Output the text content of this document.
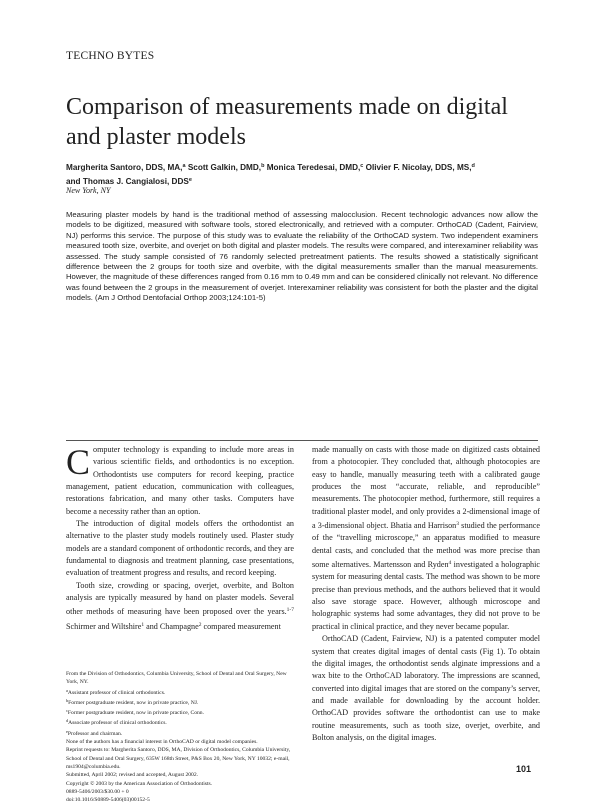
TECHNO BYTES
Comparison of measurements made on digital and plaster models
Margherita Santoro, DDS, MA,$^a$ Scott Galkin, DMD,$^b$ Monica Teredesai, DMD,$^c$ Olivier F. Nicolay, DDS, MS,$^d$
and Thomas J. Cangialosi, DDS$^e$
New York, NY
Measuring plaster models by hand is the traditional method of assessing malocclusion. Recent technologic advances now allow the models to be digitized, measured with software tools, stored electronically, and retrieved with a computer. OrthoCAD (Cadent, Fairview, NJ) performs this service. The purpose of this study was to evaluate the reliability of the OrthoCAD system. Two independent examiners measured tooth size, overbite, and overjet on both digital and plaster models. The results were compared, and interexaminer reliability was assessed. The study sample consisted of 76 randomly selected pretreatment patients. The results showed a statistically significant difference between the 2 groups for tooth size and overbite, with the digital measurements smaller than the manual measurements. However, the magnitude of these differences ranged from 0.16 mm to 0.49 mm and can be considered clinically not relevant. No difference was found between the 2 groups in the measurement of overjet. Interexaminer reliability was consistent for both the plaster and the digital models. (Am J Orthod Dentofacial Orthop 2003;124:101-5)

Computer technology is expanding to include more areas in various scientific fields, and orthodontics is no exception. Orthodontists use computers for record keeping, practice management, patient education, communication with colleagues, restorations fabrication, and many other tasks. Computers have become a necessity rather than an option.

The introduction of digital models offers the orthodontist an alternative to the plaster study models routinely used. Plaster study models are a standard component of orthodontic records, and they are fundamental to diagnosis and treatment planning, case presentations, evaluation of treatment progress and results, and record keeping.

Tooth size, crowding or spacing, overjet, overbite, and Bolton analysis are typically measured by hand on plaster models. Several other methods of measuring have been proposed over the years.$^{1-7}$ Schirmer and Wiltshire$^1$ and Champagne$^2$ compared measurement

From the Division of Orthodontics, Columbia University, School of Dental and Oral Surgery, New York, NY.

$^a$Assistant professor of clinical orthodontics.

$^b$Former postgraduate resident, now in private practice, NJ.

$^c$Former postgraduate resident, now in private practice, Conn.

$^d$Associate professor of clinical orthodontics.

$^e$Professor and chairman.

None of the authors has a financial interest in OrthoCAD or digital model companies.

Reprint requests to: Margherita Santoro, DDS, MA, Division of Orthodontics, Columbia University, School of Dental and Oral Surgery, 635W 168th Street, P&S Box 20, New York, NY 10032; e-mail, ms1904@columbia.edu.

Submitted, April 2002; revised and accepted, August 2002.

Copyright © 2003 by the American Association of Orthodontists.

0889-5406/2003/$30.00 + 0

doi:10.1016/S0889-5406(03)00152-5

made manually on casts with those made on digitized casts obtained from a photocopier. They concluded that, although photocopies are easy to handle, manually measuring teeth with a calibrated gauge produces the most “accurate, reliable, and reproducible” measurements. The photocopier method, furthermore, still requires a traditional plaster model, and only provides a 2-dimensional image of a 3-dimensional object. Bhatia and Harrison$^3$ studied the performance of the “travelling microscope,” an apparatus modified to measure dental casts, and concluded that the method was more precise than some alternatives. Martensson and Ryden$^4$ investigated a holographic system for measuring dental casts. The method was shown to be more precise than previous methods, and the authors believed that it would also save storage space. However, although microscope and holographic systems had some advantages, they did not prove to be practical in clinical practice, and they never became popular.

OrthoCAD (Cadent, Fairview, NJ) is a patented computer model system that creates digital images of dental casts (Fig 1). To obtain the digital images, the orthodontist sends alginate impressions and a wax bite to the OrthoCAD laboratory. The impressions are scanned, converted into digital images that are stored on the company’s server, and made available for downloading by the account holder. OrthoCAD provides software the orthodontist can use to make routine measurements, such as tooth size, overjet, overbite, and Bolton analysis, on the digital images.

101
